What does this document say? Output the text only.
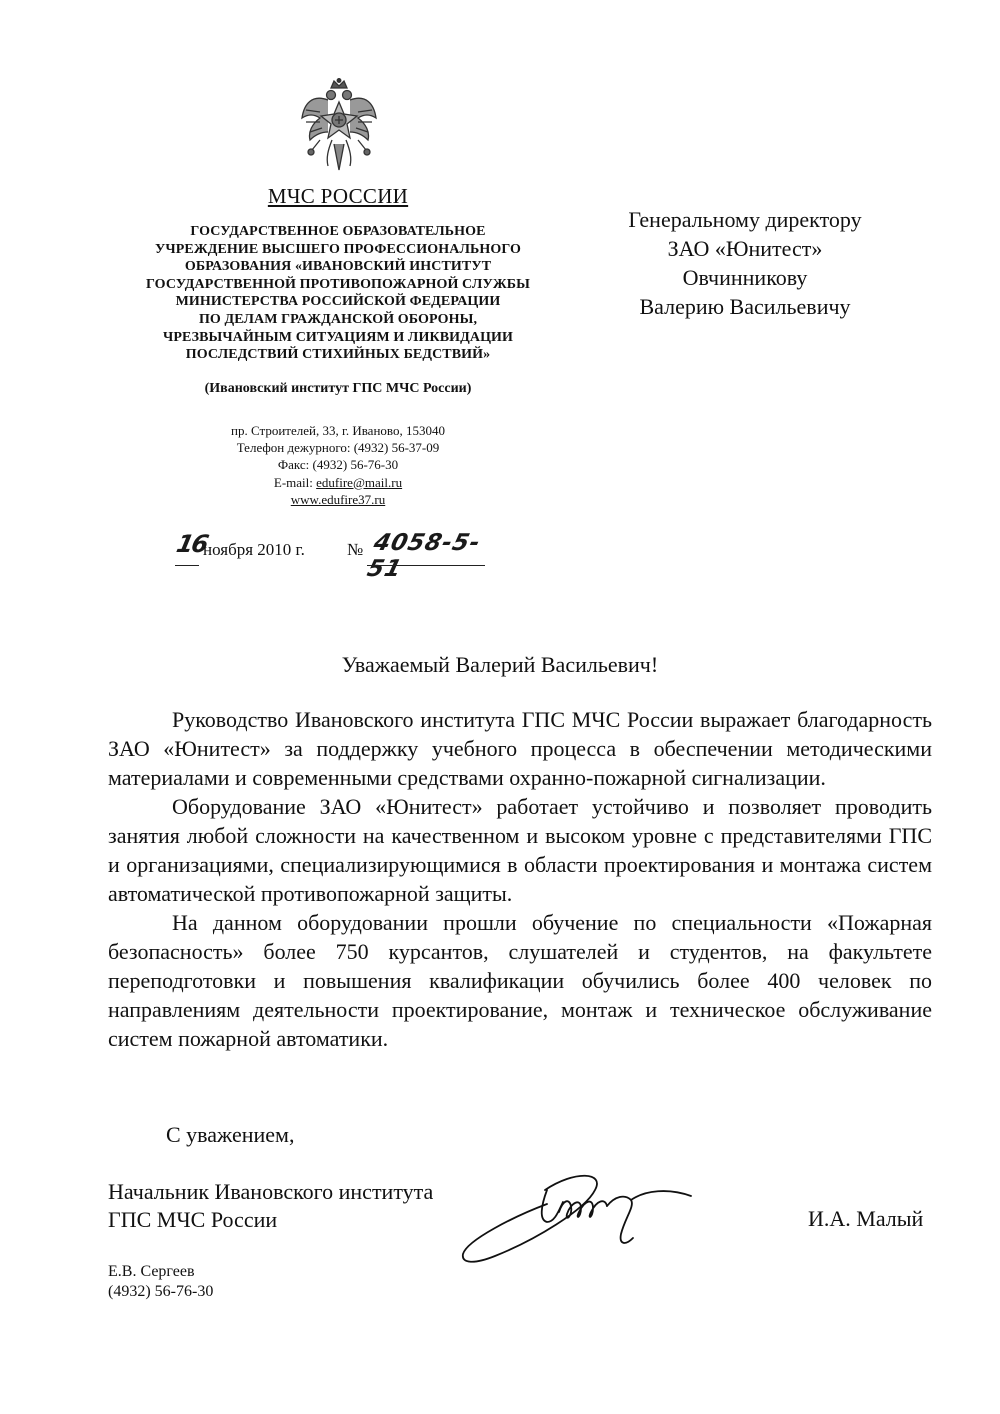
МЧС РОССИИ
ГОСУДАРСТВЕННОЕ ОБРАЗОВАТЕЛЬНОЕ
УЧРЕЖДЕНИЕ ВЫСШЕГО ПРОФЕССИОНАЛЬНОГО
ОБРАЗОВАНИЯ «ИВАНОВСКИЙ ИНСТИТУТ
ГОСУДАРСТВЕННОЙ ПРОТИВОПОЖАРНОЙ СЛУЖБЫ
МИНИСТЕРСТВА РОССИЙСКОЙ ФЕДЕРАЦИИ
ПО ДЕЛАМ ГРАЖДАНСКОЙ ОБОРОНЫ,
ЧРЕЗВЫЧАЙНЫМ СИТУАЦИЯМ И ЛИКВИДАЦИИ
ПОСЛЕДСТВИЙ СТИХИЙНЫХ БЕДСТВИЙ»
(Ивановский институт ГПС МЧС России)
пр. Строителей, 33, г. Иваново, 153040
Телефон дежурного: (4932) 56-37-09
Факс: (4932) 56-76-30
E-mail: edufire@mail.ru
www.edufire37.ru
16
ноября 2010 г. № 4058-5-51
Генеральному директору
ЗАО «Юнитест»
Овчинникову
Валерию Васильевичу
Уважаемый Валерий Васильевич!

Руководство Ивановского института ГПС МЧС России выражает благодарность ЗАО «Юнитест» за поддержку учебного процесса в обеспечении методическими материалами и современными средствами охранно-пожарной сигнализации.

Оборудование ЗАО «Юнитест» работает устойчиво и позволяет проводить занятия любой сложности на качественном и высоком уровне с представителями ГПС и организациями, специализирующимися в области проектирования и монтажа систем автоматической противопожарной защиты.

На данном оборудовании прошли обучение по специальности «Пожарная безопасность» более 750 курсантов, слушателей и студентов, на факультете переподготовки и повышения квалификации обучились более 400 человек по направлениям деятельности проектирование, монтаж и техническое обслуживание систем пожарной автоматики.

С уважением,
Начальник Ивановского института
ГПС МЧС России	И.А. Малый
Е.В. Сергеев
(4932) 56-76-30
